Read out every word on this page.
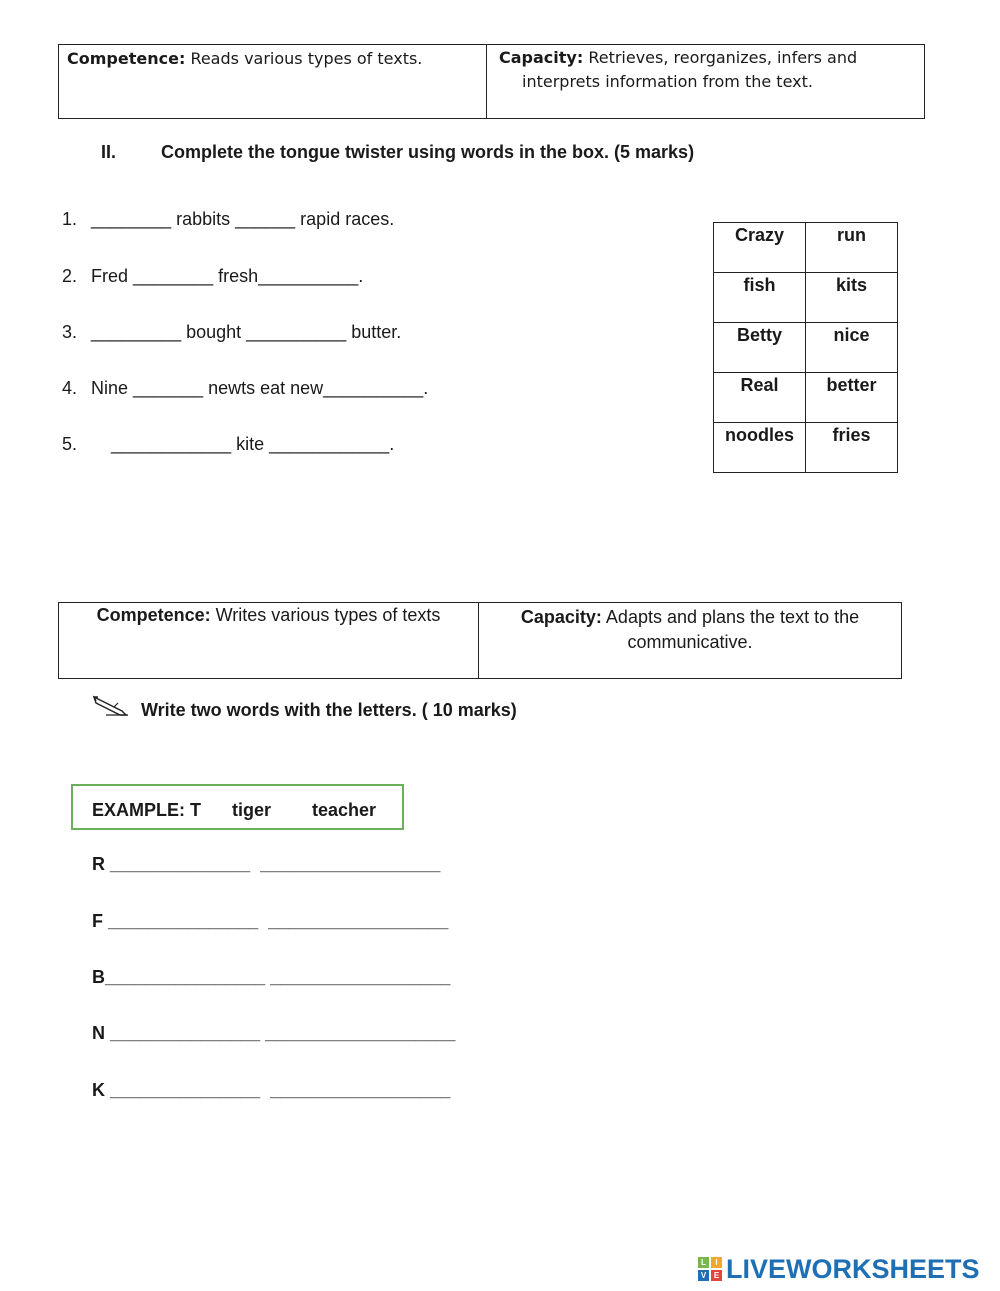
Competence: Reads various types of texts.	Capacity: Retrieves, reorganizes, infers and
interprets information from the text.
II. Complete the tongue twister using words in the box. (5 marks)
1. ________ rabbits ______ rapid races.
2. Fred ________ fresh__________.
3. _________ bought __________ butter.
4. Nine _______ newts eat new__________.
5.    ____________ kite ____________.
Crazy	run
fish	kits
Betty	nice
Real	better
noodles	fries
Competence: Writes various types of texts	Capacity: Adapts and plans the text to the
communicative.
Write two words with the letters. ( 10 marks)
EXAMPLE: T tiger teacher
R ______________  __________________
F _______________  __________________
B________________ __________________
N _______________ ___________________
K _______________  __________________
L	I
V E LIVEWORKSHEETS
